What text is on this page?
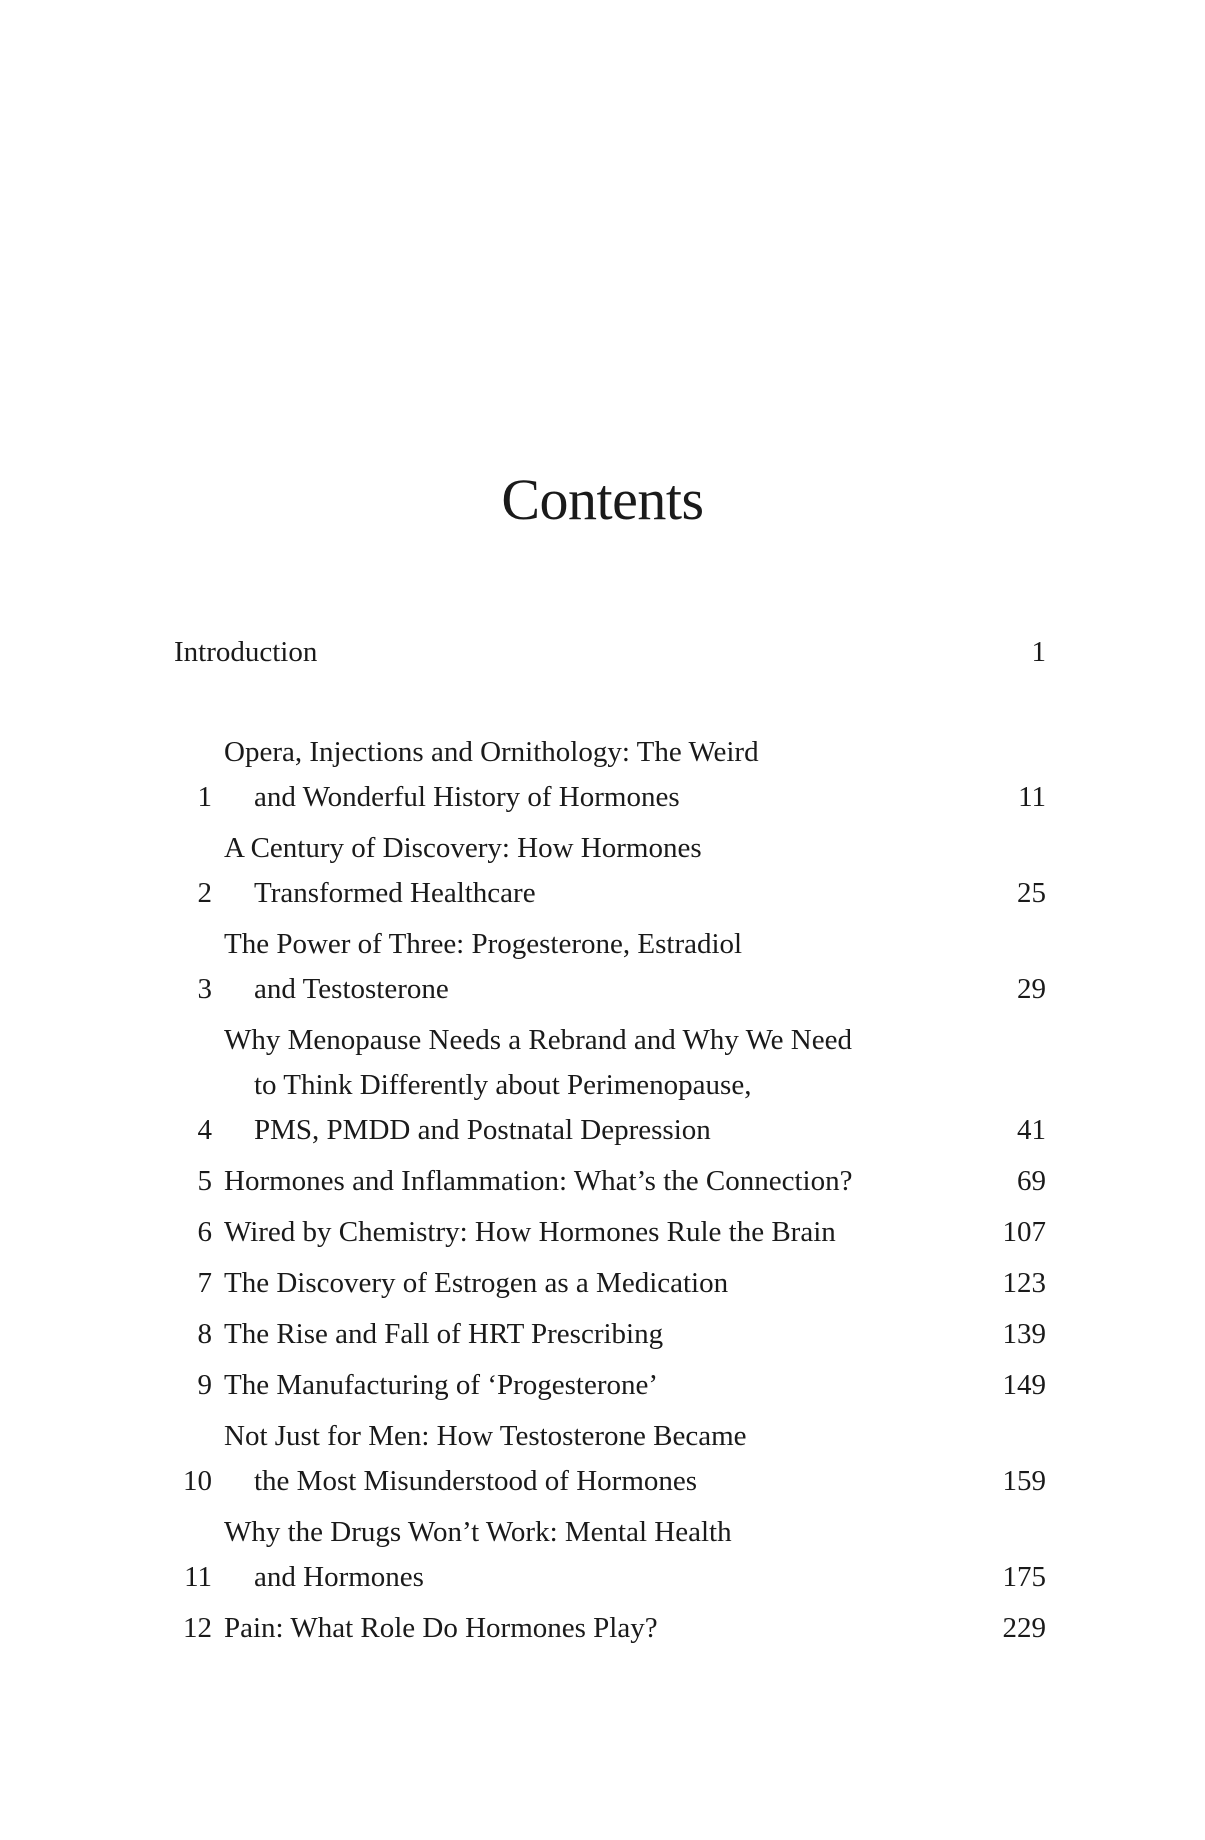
Contents
Introduction	1
1
Opera, Injections and Ornithology: The Weird
and Wonderful History of Hormones	11
2
A Century of Discovery: How Hormones
Transformed Healthcare	25
3
The Power of Three: Progesterone, Estradiol
and Testosterone	29
4
Why Menopause Needs a Rebrand and Why We Need
to Think Differently about Perimenopause,
PMS, PMDD and Postnatal Depression	41
5 Hormones and Inflammation: What’s the Connection?	69
6 Wired by Chemistry: How Hormones Rule the Brain	107
7 The Discovery of Estrogen as a Medication	123
8 The Rise and Fall of HRT Prescribing	139
9 The Manufacturing of ‘Progesterone’	149
10
Not Just for Men: How Testosterone Became
the Most Misunderstood of Hormones	159
11
Why the Drugs Won’t Work: Mental Health
and Hormones	175
12 Pain: What Role Do Hormones Play?	229
